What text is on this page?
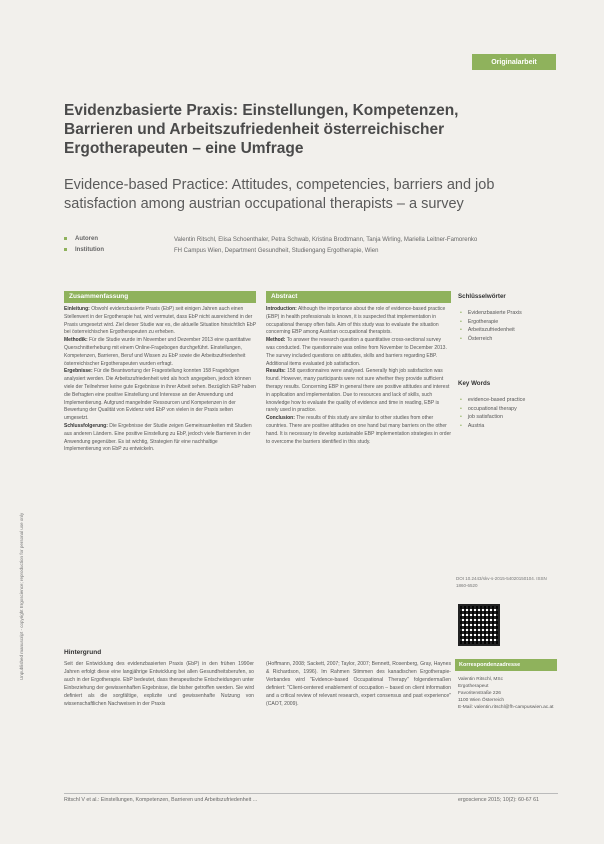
Originalarbeit
Unpublished manuscript - copyright Ergoscience; reproduction for personal use only
Evidenzbasierte Praxis: Einstellungen, Kompetenzen, Barrieren und Arbeitszufriedenheit österreichischer Ergotherapeuten – eine Umfrage
Evidence-based Practice: Attitudes, competencies, barriers and job satisfaction among austrian occupational therapists – a survey
Autoren	Valentin Ritschl, Elisa Schoenthaler, Petra Schwab, Kristina Brodtmann, Tanja Wirling, Mariella Leitner-Famorenko
Institution	FH Campus Wien, Department Gesundheit, Studiengang Ergotherapie, Wien
Zusammenfassung

Einleitung: Obwohl evidenzbasierte Praxis (EbP) seit einigen Jahren auch einen Stellenwert in der Ergotherapie hat, wird vermutet, dass EbP nicht ausreichend in der Praxis umgesetzt wird. Ziel dieser Studie war es, die aktuelle Situation hinsichtlich EbP bei österreichischen Ergotherapeuten zu erheben.

Methodik: Für die Studie wurde im November und Dezember 2013 eine quantitative Querschnitterhebung mit einem Online-Fragebogen durchgeführt. Einstellungen, Kompetenzen, Barrieren, Beruf und Wissen zu EbP sowie die Arbeitszufriedenheit österreichischer Ergotherapeuten wurden erfragt.

Ergebnisse: Für die Beantwortung der Fragestellung konnten 158 Fragebögen analysiert werden. Die Arbeitszufriedenheit wird als hoch angegeben, jedoch können viele der Teilnehmer keine gute Ergebnisse in ihrer Arbeit sehen. Bezüglich EbP haben die Befragten eine positive Einstellung und Interesse an der Anwendung und Implementierung. Aufgrund mangelnder Ressourcen und Kompetenzen in der Bewertung der Qualität von Evidenz wird EbP von vielen in der Praxis selten umgesetzt.

Schlussfolgerung: Die Ergebnisse der Studie zeigen Gemeinsamkeiten mit Studien aus anderen Ländern. Eine positive Einstellung zu EbP, jedoch viele Barrieren in der Anwendung gegenüber. Es ist wichtig, Strategien für eine nachhaltige Implementierung von EbP zu entwickeln.

Abstract

Introduction: Although the importance about the role of evidence-based practice (EBP) in health professionals is known, it is suspected that implementation in occupational therapy often fails. Aim of this study was to evaluate the situation concerning EBP among Austrian occupational therapists.

Method: To answer the research question a quantitative cross-sectional survey was conducted. The questionnaire was online from November to December 2013. The survey included questions on attitudes, skills and barriers regarding EBP. Additional items evaluated job satisfaction.

Results: 158 questionnaires were analysed. Generally high job satisfaction was found. However, many participants were not sure whether they provide sufficient therapy results. Concerning EBP in general there are positive attitudes and interest in application and implementation. Due to resources and lack of skills, such knowledge how to evaluate the quality of evidence and time in reading, EBP is rarely used in practice.

Conclusion: The results of this study are similar to other studies from other countries. There are positive attitudes on one hand but many barriers on the other hand. It is necessary to develop sustainable EBP implementation strategies in order to overcome the barriers identified in this study.

Schlüsselwörter
• Evidenzbasierte Praxis
• Ergotherapie
• Arbeitszufriedenheit
• Österreich
Key Words
• evidence-based practice
• occupational therapy
• job satisfaction
• Austria
DOI 10.2443/skv-s-2015-54020150104. ISSN 1860-6520
Korrespondenzadresse
Valentin Ritschl, MSc
Ergotherapeut
Favoritenstraße 226
1100 Wien Österreich
E-Mail: valentin.ritschl@fh-campuswien.ac.at
Hintergrund
Seit der Entwicklung des evidenzbasierten Praxis (EbP) in den frühen 1990er Jahren erfolgt diese eine langjährige Entwicklung bei allen Gesundheitsberufen, so auch in der Ergotherapie. EbP bedeutet, dass therapeutische Entscheidungen unter Einbeziehung der gewissenhaften Ergebnisse, die bisher getroffen werden. Sie wird definiert als die sorgfältige, explizite und gewissenhafte Nutzung von wissenschaftlichen Nachweisen in der Praxis
(Hoffmann, 2008; Sackett, 2007; Taylor, 2007; Bennett, Rosenberg, Gray, Haynes & Richardson, 1996). Im Rahmen Stimmen des kanadischen Ergotherapie-Verbandes wird "Evidence-based Occupational Therapy" folgendermaßen definiert: "Client-centered enablement of occupation – based on client information and a critical review of relevant research, expert consensus and past experience" (CAOT, 2009).
Ritschl V et al.: Einstellungen, Kompetenzen, Barrieren und Arbeitszufriedenheit ...	ergoscience 2015; 10(2): 60-67 61
